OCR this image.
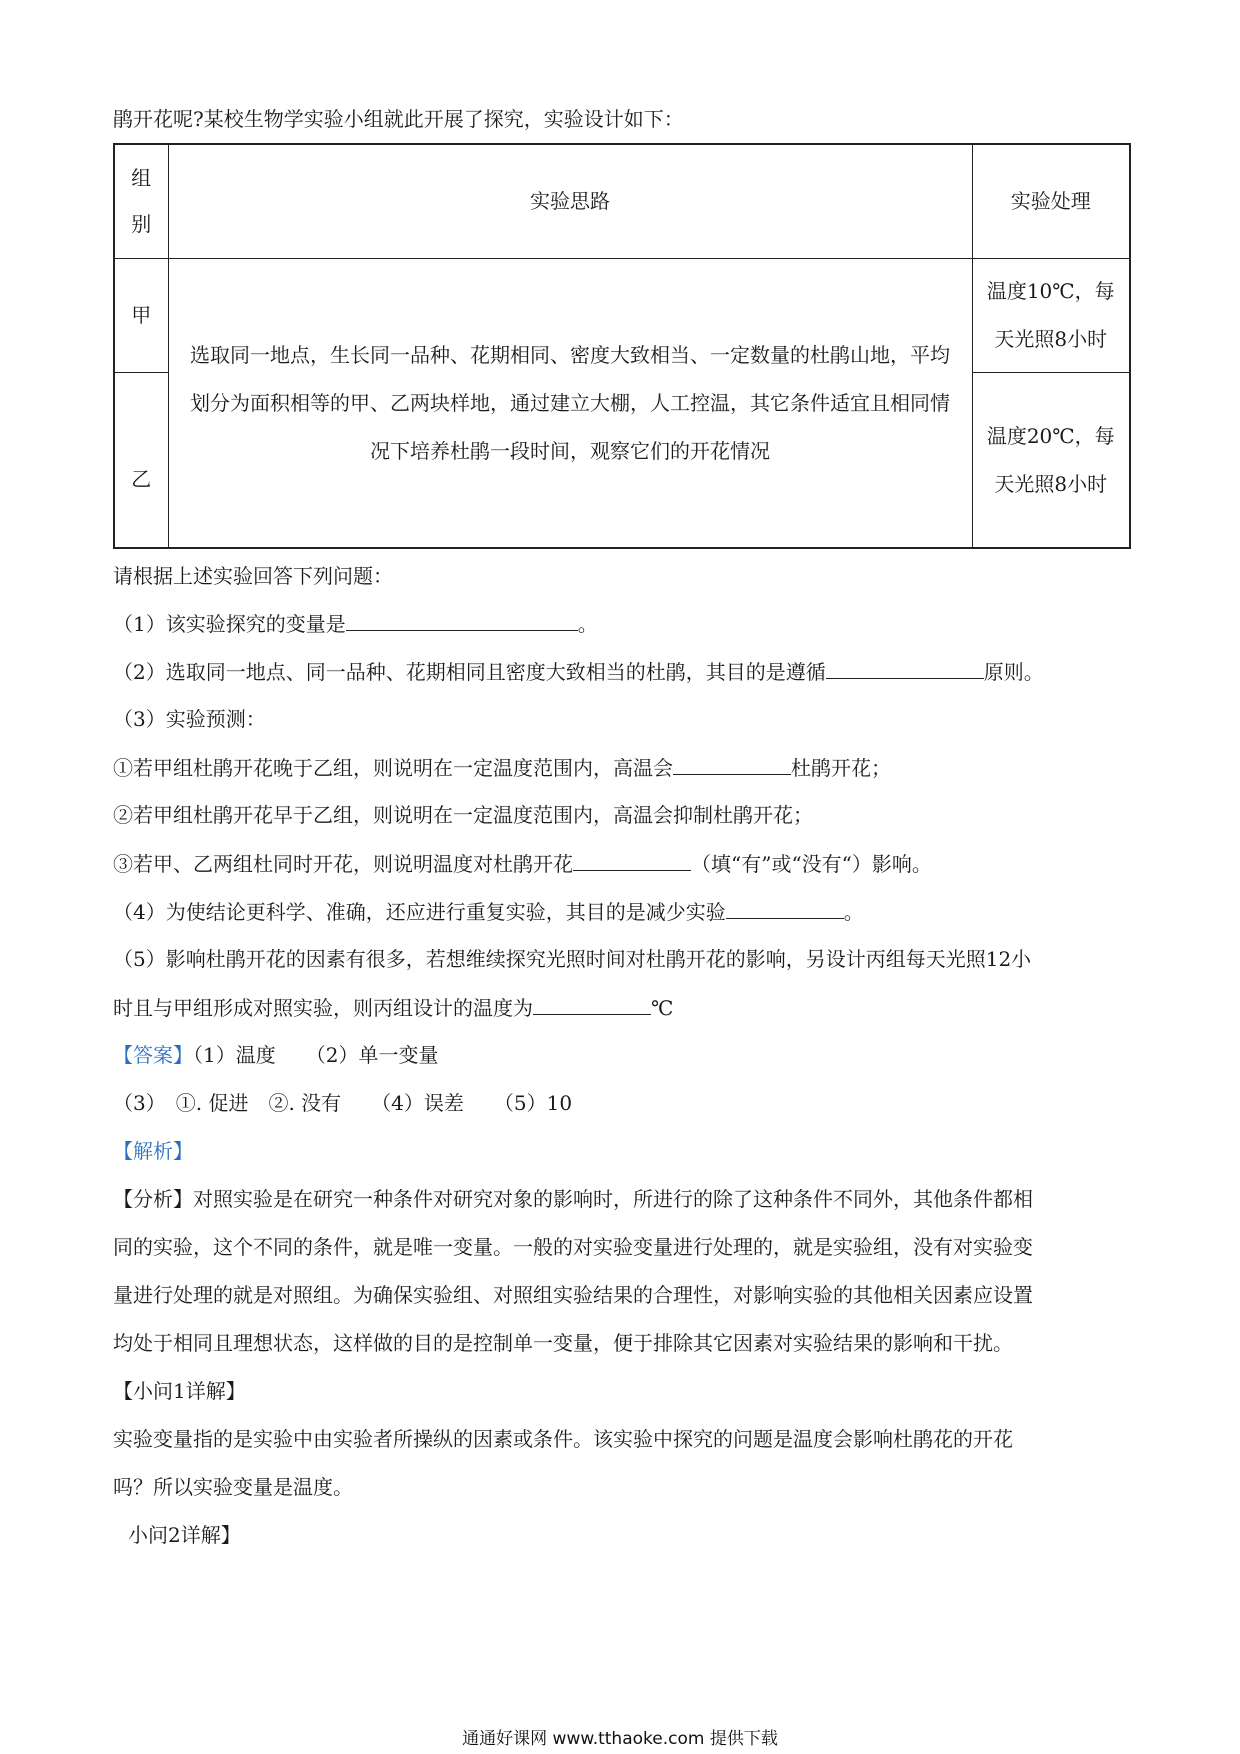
鹃开花呢?某校生物学实验小组就此开展了探究，实验设计如下：
组别	实验思路	实验处理
甲	选取同一地点，生长同一品种、花期相同、密度大致相当、一定数量的杜鹃山地，平均划分为面积相等的甲、乙两块样地，通过建立大棚，人工控温，其它条件适宜且相同情况下培养杜鹃一段时间，观察它们的开花情况	温度10℃，每天光照8小时
乙		温度20℃，每天光照8小时
请根据上述实验回答下列问题：
（1）该实验探究的变量是	。
（2）选取同一地点、同一品种、花期相同且密度大致相当的杜鹃，其目的是遵循	原则。
（3）实验预测：
①若甲组杜鹃开花晚于乙组，则说明在一定温度范围内，高温会	杜鹃开花；
②若甲组杜鹃开花早于乙组，则说明在一定温度范围内，高温会抑制杜鹃开花；
③若甲、乙两组杜同时开花，则说明温度对杜鹃开花	（填“有”或“没有“）影响。
（4）为使结论更科学、准确，还应进行重复实验，其目的是减少实验	。
（5）影响杜鹃开花的因素有很多，若想维续探究光照时间对杜鹃开花的影响，另设计丙组每天光照12小
时且与甲组形成对照实验，则丙组设计的温度为	℃
【答案】（1）温度　　（2）单一变量
（3）　①. 促进　②. 没有　　（4）误差　　（5）10
【解析】
【分析】对照实验是在研究一种条件对研究对象的影响时，所进行的除了这种条件不同外，其他条件都相
同的实验，这个不同的条件，就是唯一变量。一般的对实验变量进行处理的，就是实验组，没有对实验变
量进行处理的就是对照组。为确保实验组、对照组实验结果的合理性，对影响实验的其他相关因素应设置
均处于相同且理想状态，这样做的目的是控制单一变量，便于排除其它因素对实验结果的影响和干扰。
【小问1详解】
实验变量指的是实验中由实验者所操纵的因素或条件。该实验中探究的问题是温度会影响杜鹃花的开花
吗？所以实验变量是温度。
小问2详解】
通通好课网 www.tthaoke.com 提供下载
